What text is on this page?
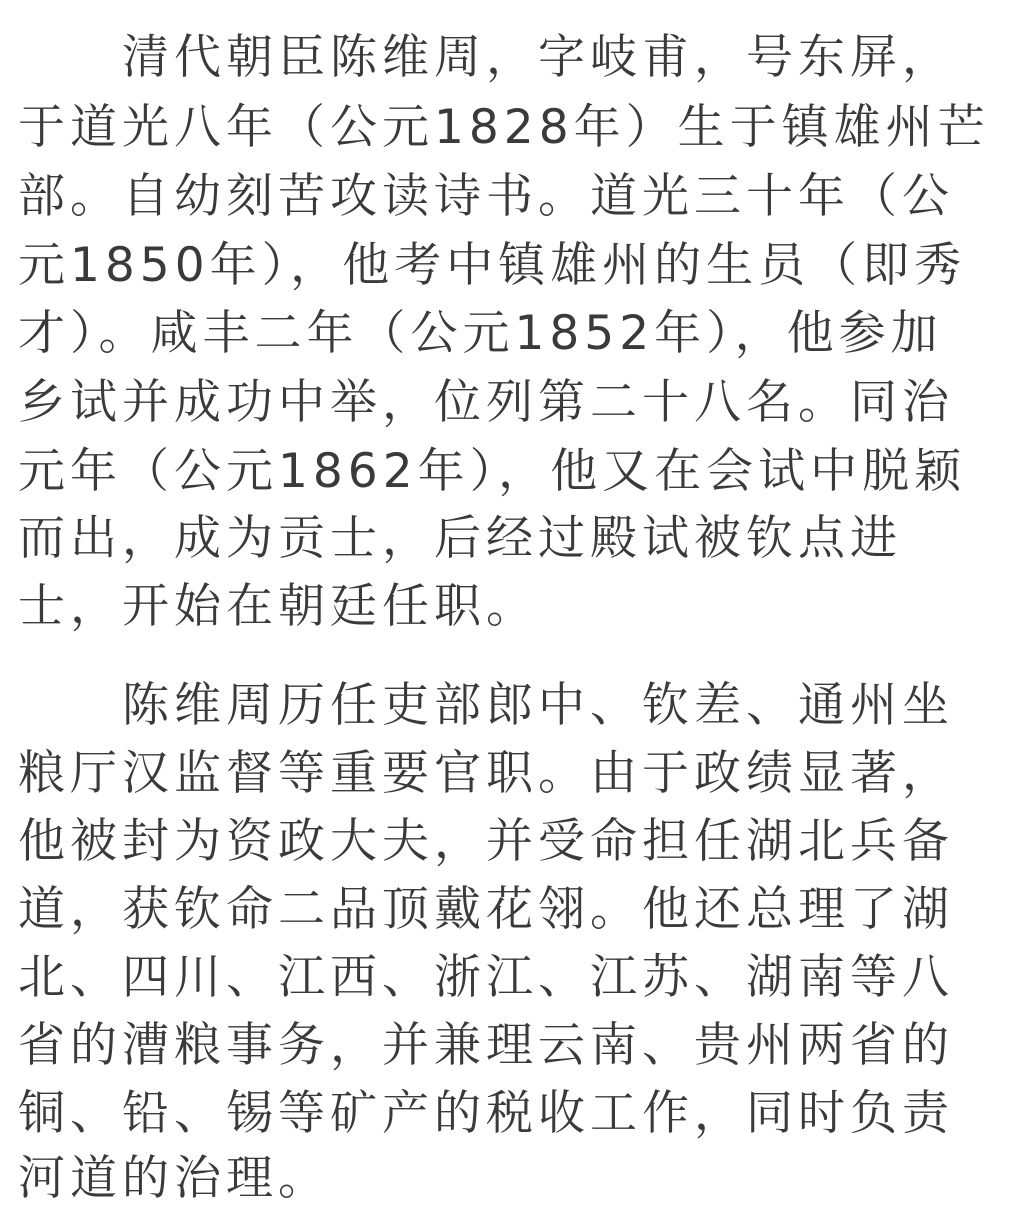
　　清代朝臣陈维周，字岐甫，号东屏，
于道光八年（公元1828年）生于镇雄州芒
部。自幼刻苦攻读诗书。道光三十年（公
元1850年），他考中镇雄州的生员（即秀
才）。咸丰二年（公元1852年），他参加
乡试并成功中举，位列第二十八名。同治
元年（公元1862年），他又在会试中脱颖
而出，成为贡士，后经过殿试被钦点进
士，开始在朝廷任职。
　　陈维周历任吏部郎中、钦差、通州坐
粮厅汉监督等重要官职。由于政绩显著，
他被封为资政大夫，并受命担任湖北兵备
道，获钦命二品顶戴花翎。他还总理了湖
北、四川、江西、浙江、江苏、湖南等八
省的漕粮事务，并兼理云南、贵州两省的
铜、铅、锡等矿产的税收工作，同时负责
河道的治理。
